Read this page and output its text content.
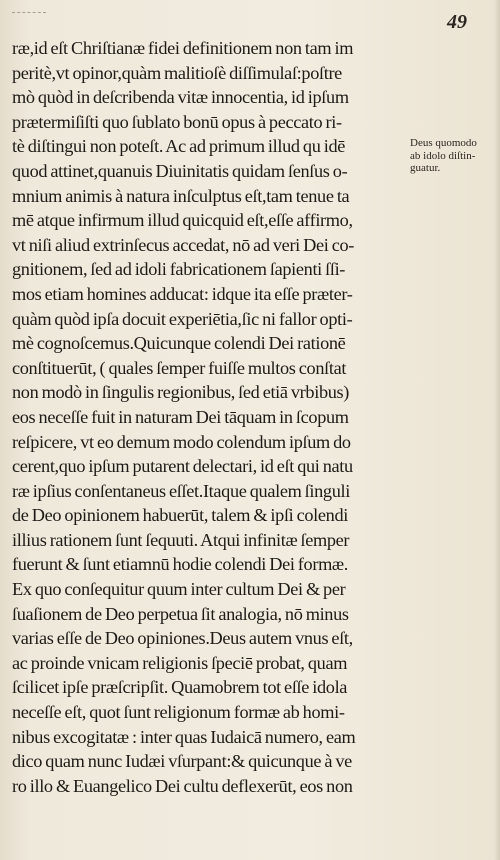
49
ræ,id eſt Chriſtianæ fidei definitionem non tam im
peritè,vt opinor,quàm malitioſè diſſimulaſ:poſtre
mò quòd in deſcribenda vitæ innocentia, id ipſum
prætermiſiſti quo ſublato bonū opus à peccato ri-
tè diſtingui non poteſt. Ac ad primum illud qu idē
quod attinet,quanuis Diuinitatis quidam ſenſus o-
mnium animis à natura inſculptus eſt,tam tenue ta
mē atque infirmum illud quicquid eſt,eſſe affirmo,
vt niſi aliud extrinſecus accedat, nō ad veri Dei co-
gnitionem, ſed ad idoli fabricationem ſapienti ſſi-
mos etiam homines adducat: idque ita eſſe præter-
quàm quòd ipſa docuit experiētia,ſic ni fallor opti-
mè cognoſcemus.Quicunque colendi Dei rationē
conſtituerūt, ( quales ſemper fuiſſe multos conſtat
non modò in ſingulis regionibus, ſed etiā vrbibus)
eos neceſſe fuit in naturam Dei tāquam in ſcopum
reſpicere, vt eo demum modo colendum ipſum do
cerent,quo ipſum putarent delectari, id eſt qui natu
ræ ipſius conſentaneus eſſet.Itaque qualem ſinguli
de Deo opinionem habuerūt, talem & ipſi colendi
illius rationem ſunt ſequuti. Atqui infinitæ ſemper
fuerunt & ſunt etiamnū hodie colendi Dei formæ.
Ex quo conſequitur quum inter cultum Dei & per
ſuaſionem de Deo perpetua ſit analogia, nō minus
varias eſſe de Deo opiniones.Deus autem vnus eſt,
ac proinde vnicam religionis ſpeciē probat, quam
ſcilicet ipſe præſcripſit. Quamobrem tot eſſe idola
neceſſe eſt, quot ſunt religionum formæ ab homi-
nibus excogitatæ : inter quas Iudaicā numero, eam
dico quam nunc Iudæi vſurpant:& quicunque à ve
ro illo & Euangelico Dei cultu deflexerūt, eos non
Deus quomodo
ab idolo diſtin-
guatur.
